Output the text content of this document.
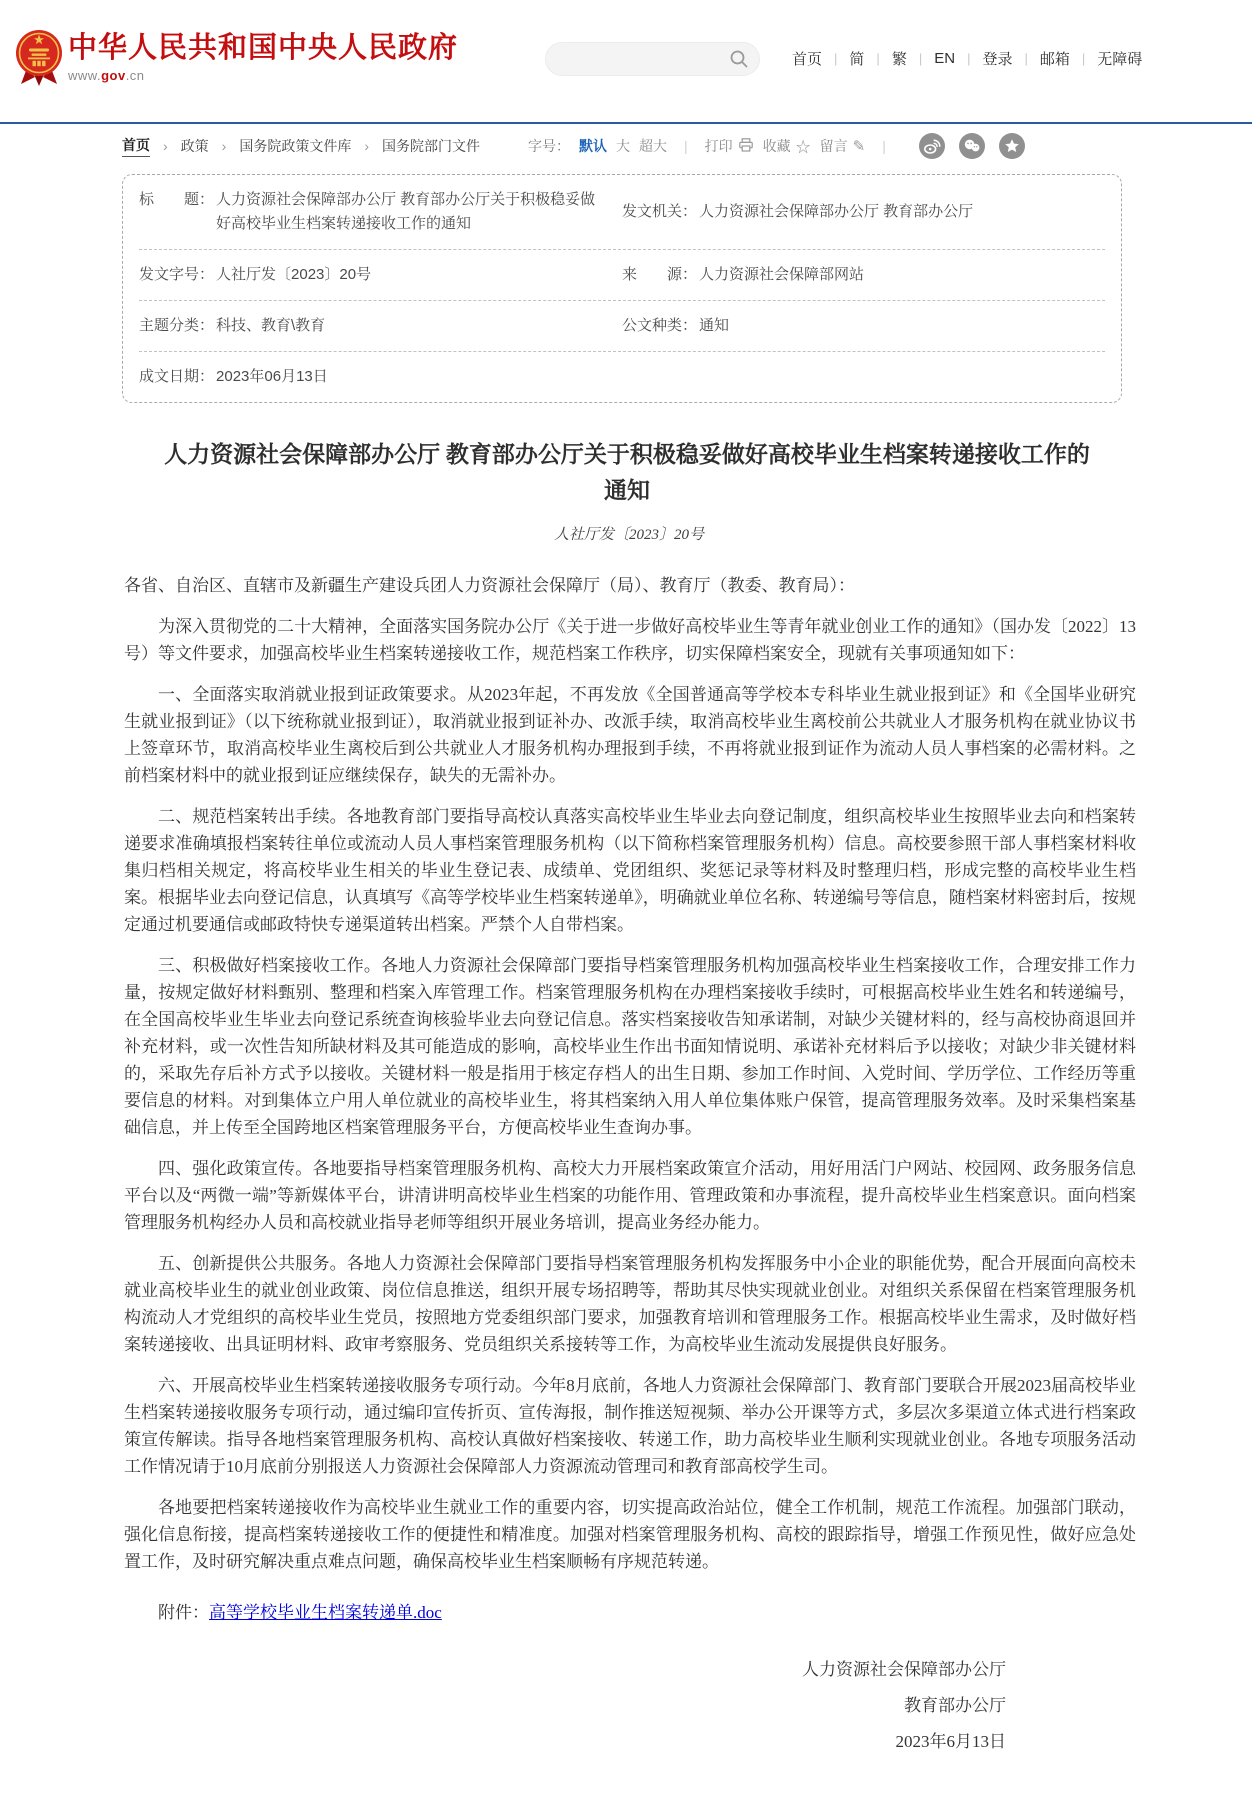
中华人民共和国中央人民政府
www.gov.cn
首页 | 简 | 繁 | EN | 登录 | 邮箱 | 无障碍
首页
› 政策
› 国务院政策文件库
› 国务院部门文件	字号： 默认 大 超大	|	打印 收藏 ☆ 留言 ✎	|
标　　题： 人力资源社会保障部办公厅 教育部办公厅关于积极稳妥做好高校毕业生档案转递接收工作的通知
发文机关： 人力资源社会保障部办公厅 教育部办公厅
发文字号： 人社厅发〔2023〕20号	来　　源： 人力资源社会保障部网站
主题分类： 科技、教育\教育	公文种类： 通知
成文日期： 2023年06月13日
人力资源社会保障部办公厅 教育部办公厅关于积极稳妥做好高校毕业生档案转递接收工作的通知
人社厅发〔2023〕20号

各省、自治区、直辖市及新疆生产建设兵团人力资源社会保障厅（局）、教育厅（教委、教育局）：

为深入贯彻党的二十大精神，全面落实国务院办公厅《关于进一步做好高校毕业生等青年就业创业工作的通知》（国办发〔2022〕13号）等文件要求，加强高校毕业生档案转递接收工作，规范档案工作秩序，切实保障档案安全，现就有关事项通知如下：

一、全面落实取消就业报到证政策要求。从2023年起，不再发放《全国普通高等学校本专科毕业生就业报到证》和《全国毕业研究生就业报到证》（以下统称就业报到证），取消就业报到证补办、改派手续，取消高校毕业生离校前公共就业人才服务机构在就业协议书上签章环节，取消高校毕业生离校后到公共就业人才服务机构办理报到手续，不再将就业报到证作为流动人员人事档案的必需材料。之前档案材料中的就业报到证应继续保存，缺失的无需补办。

二、规范档案转出手续。各地教育部门要指导高校认真落实高校毕业生毕业去向登记制度，组织高校毕业生按照毕业去向和档案转递要求准确填报档案转往单位或流动人员人事档案管理服务机构（以下简称档案管理服务机构）信息。高校要参照干部人事档案材料收集归档相关规定，将高校毕业生相关的毕业生登记表、成绩单、党团组织、奖惩记录等材料及时整理归档，形成完整的高校毕业生档案。根据毕业去向登记信息，认真填写《高等学校毕业生档案转递单》，明确就业单位名称、转递编号等信息，随档案材料密封后，按规定通过机要通信或邮政特快专递渠道转出档案。严禁个人自带档案。

三、积极做好档案接收工作。各地人力资源社会保障部门要指导档案管理服务机构加强高校毕业生档案接收工作，合理安排工作力量，按规定做好材料甄别、整理和档案入库管理工作。档案管理服务机构在办理档案接收手续时，可根据高校毕业生姓名和转递编号，在全国高校毕业生毕业去向登记系统查询核验毕业去向登记信息。落实档案接收告知承诺制，对缺少关键材料的，经与高校协商退回并补充材料，或一次性告知所缺材料及其可能造成的影响，高校毕业生作出书面知情说明、承诺补充材料后予以接收；对缺少非关键材料的，采取先存后补方式予以接收。关键材料一般是指用于核定存档人的出生日期、参加工作时间、入党时间、学历学位、工作经历等重要信息的材料。对到集体立户用人单位就业的高校毕业生，将其档案纳入用人单位集体账户保管，提高管理服务效率。及时采集档案基础信息，并上传至全国跨地区档案管理服务平台，方便高校毕业生查询办事。

四、强化政策宣传。各地要指导档案管理服务机构、高校大力开展档案政策宣介活动，用好用活门户网站、校园网、政务服务信息平台以及“两微一端”等新媒体平台，讲清讲明高校毕业生档案的功能作用、管理政策和办事流程，提升高校毕业生档案意识。面向档案管理服务机构经办人员和高校就业指导老师等组织开展业务培训，提高业务经办能力。

五、创新提供公共服务。各地人力资源社会保障部门要指导档案管理服务机构发挥服务中小企业的职能优势，配合开展面向高校未就业高校毕业生的就业创业政策、岗位信息推送，组织开展专场招聘等，帮助其尽快实现就业创业。对组织关系保留在档案管理服务机构流动人才党组织的高校毕业生党员，按照地方党委组织部门要求，加强教育培训和管理服务工作。根据高校毕业生需求，及时做好档案转递接收、出具证明材料、政审考察服务、党员组织关系接转等工作，为高校毕业生流动发展提供良好服务。

六、开展高校毕业生档案转递接收服务专项行动。今年8月底前，各地人力资源社会保障部门、教育部门要联合开展2023届高校毕业生档案转递接收服务专项行动，通过编印宣传折页、宣传海报，制作推送短视频、举办公开课等方式，多层次多渠道立体式进行档案政策宣传解读。指导各地档案管理服务机构、高校认真做好档案接收、转递工作，助力高校毕业生顺利实现就业创业。各地专项服务活动工作情况请于10月底前分别报送人力资源社会保障部人力资源流动管理司和教育部高校学生司。

各地要把档案转递接收作为高校毕业生就业工作的重要内容，切实提高政治站位，健全工作机制，规范工作流程。加强部门联动，强化信息衔接，提高档案转递接收工作的便捷性和精准度。加强对档案管理服务机构、高校的跟踪指导，增强工作预见性，做好应急处置工作，及时研究解决重点难点问题，确保高校毕业生档案顺畅有序规范转递。

附件：高等学校毕业生档案转递单.doc

人力资源社会保障部办公厅
教育部办公厅
2023年6月13日
